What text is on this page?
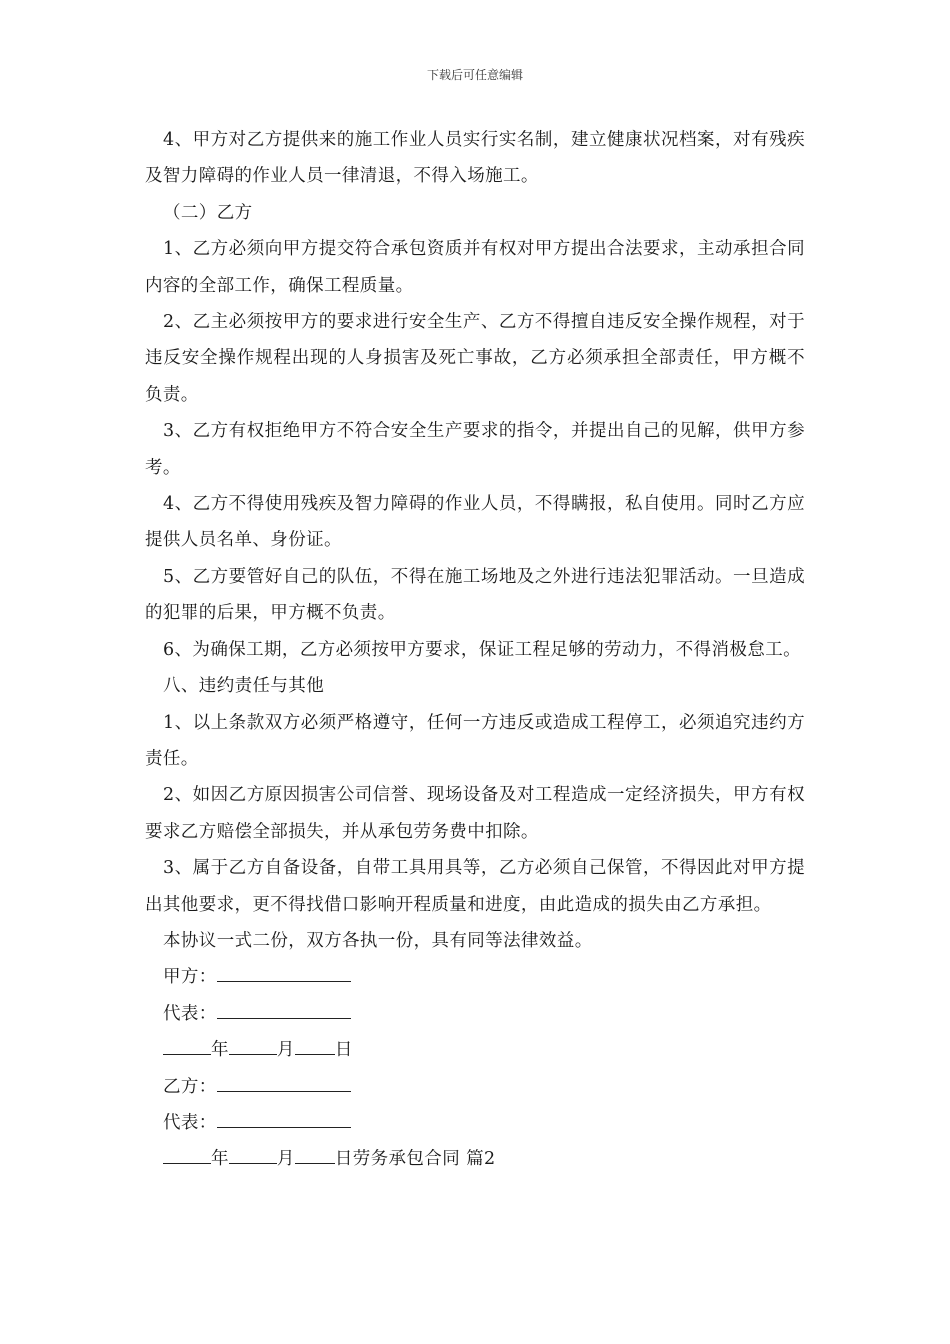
下载后可任意编辑

4、甲方对乙方提供来的施工作业人员实行实名制，建立健康状况档案，对有残疾及智力障碍的作业人员一律清退，不得入场施工。

（二）乙方

1、乙方必须向甲方提交符合承包资质并有权对甲方提出合法要求，主动承担合同内容的全部工作，确保工程质量。

2、乙主必须按甲方的要求进行安全生产、乙方不得擅自违反安全操作规程，对于违反安全操作规程出现的人身损害及死亡事故，乙方必须承担全部责任，甲方概不负责。

3、乙方有权拒绝甲方不符合安全生产要求的指令，并提出自己的见解，供甲方参考。

4、乙方不得使用残疾及智力障碍的作业人员，不得瞒报，私自使用。同时乙方应提供人员名单、身份证。

5、乙方要管好自己的队伍，不得在施工场地及之外进行违法犯罪活动。一旦造成的犯罪的后果，甲方概不负责。

6、为确保工期，乙方必须按甲方要求，保证工程足够的劳动力，不得消极怠工。

八、违约责任与其他

1、以上条款双方必须严格遵守，任何一方违反或造成工程停工，必须追究违约方责任。

2、如因乙方原因损害公司信誉、现场设备及对工程造成一定经济损失，甲方有权要求乙方赔偿全部损失，并从承包劳务费中扣除。

3、属于乙方自备设备，自带工具用具等，乙方必须自己保管，不得因此对甲方提出其他要求，更不得找借口影响开程质量和进度，由此造成的损失由乙方承担。

本协议一式二份，双方各执一份，具有同等法律效益。

甲方：

代表：

年	月 日

乙方：

代表：

年	月 日劳务承包合同 篇2
